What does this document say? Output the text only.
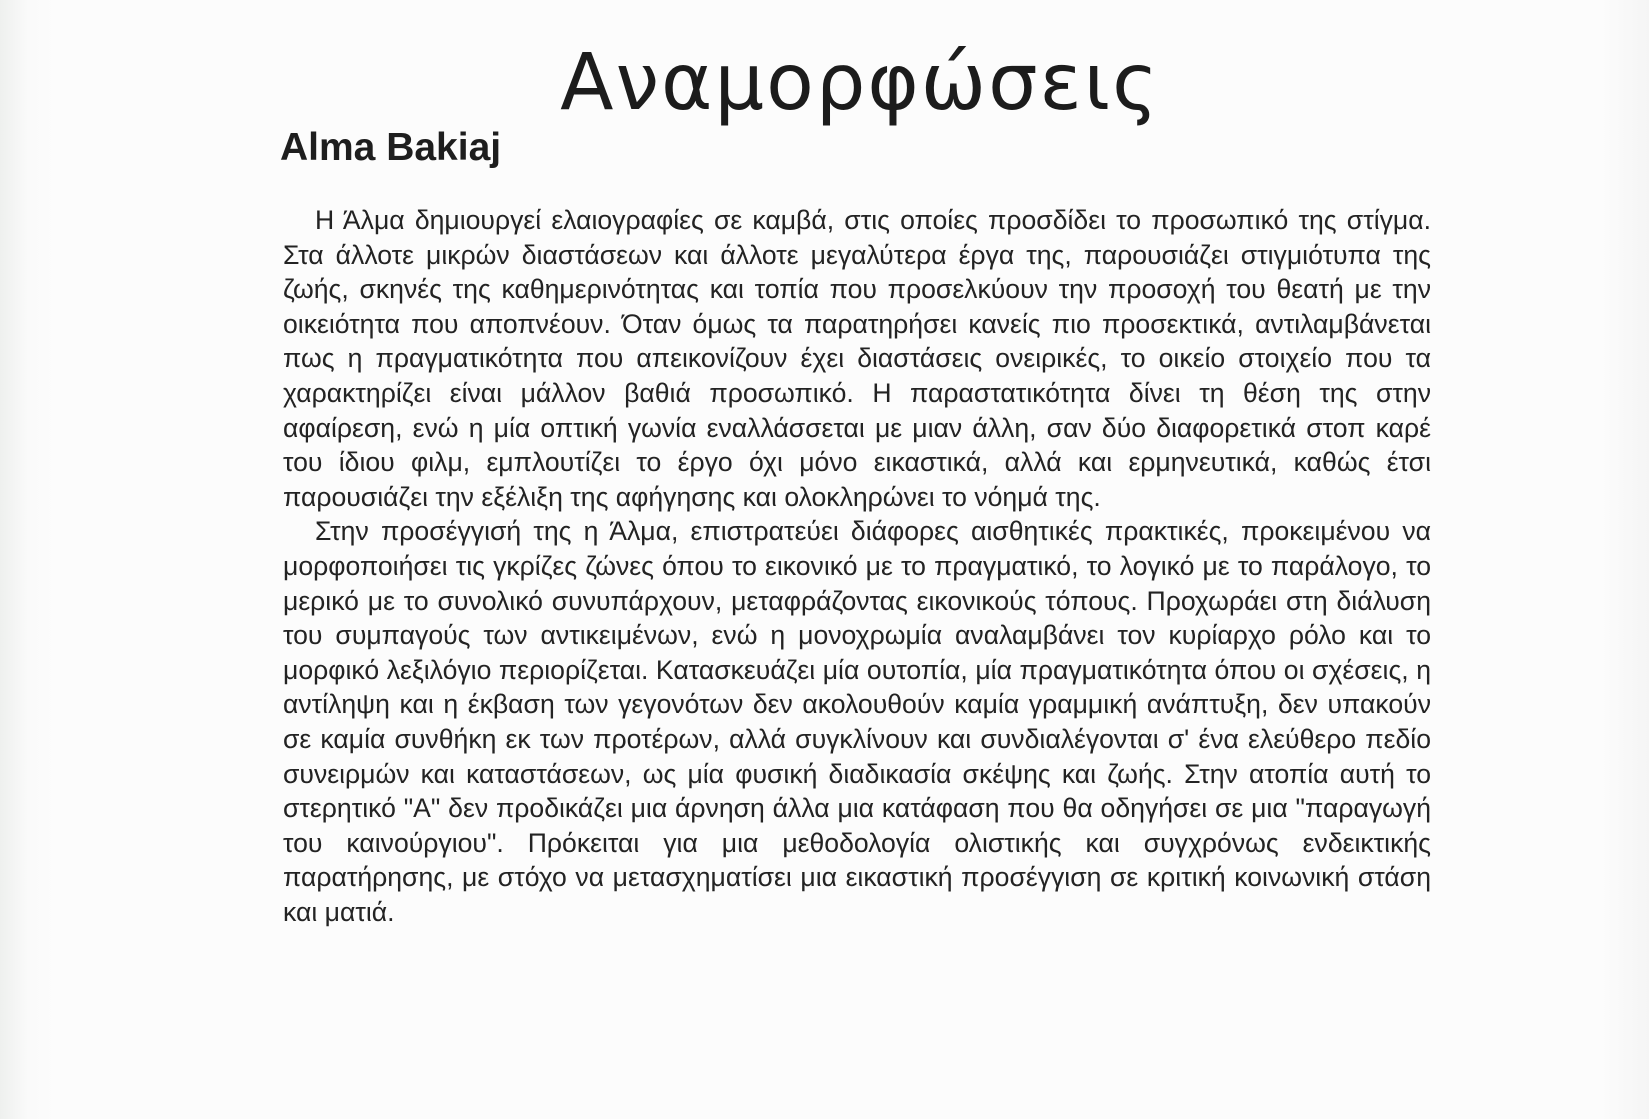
Αναμορφώσεις
Alma Bakiaj

Η Άλμα δημιουργεί ελαιογραφίες σε καμβά, στις οποίες προσδίδει το προσωπικό της στίγμα. Στα άλλοτε μικρών διαστάσεων και άλλοτε μεγαλύτερα έργα της, παρουσιάζει στιγμιότυπα της ζωής, σκηνές της καθημερινότητας και τοπία που προσελκύουν την προσοχή του θεατή με την οικειότητα που αποπνέουν. Όταν όμως τα παρατηρήσει κανείς πιο προσεκτικά, αντιλαμβάνεται πως η πραγματικότητα που απεικονίζουν έχει διαστάσεις ονειρικές, το οικείο στοιχείο που τα χαρακτηρίζει είναι μάλλον βαθιά προσωπικό. Η παραστατικότητα δίνει τη θέση της στην αφαίρεση, ενώ η μία οπτική γωνία εναλλάσσεται με μιαν άλλη, σαν δύο διαφορετικά στοπ καρέ του ίδιου φιλμ, εμπλουτίζει το έργο όχι μόνο εικαστικά, αλλά και ερμηνευτικά, καθώς έτσι παρουσιάζει την εξέλιξη της αφήγησης και ολοκληρώνει το νόημά της.

Στην προσέγγισή της η Άλμα, επιστρατεύει διάφορες αισθητικές πρακτικές, προκειμένου να μορφοποιήσει τις γκρίζες ζώνες όπου το εικονικό με το πραγματικό, το λογικό με το παράλογο, το μερικό με το συνολικό συνυπάρχουν, μεταφράζοντας εικονικούς τόπους. Προχωράει στη διάλυση του συμπαγούς των αντικειμένων, ενώ η μονοχρωμία αναλαμβάνει τον κυρίαρχο ρόλο και το μορφικό λεξιλόγιο περιορίζεται. Κατασκευάζει μία ουτοπία, μία πραγματικότητα όπου οι σχέσεις, η αντίληψη και η έκβαση των γεγονότων δεν ακολουθούν καμία γραμμική ανάπτυξη, δεν υπακούν σε καμία συνθήκη εκ των προτέρων, αλλά συγκλίνουν και συνδιαλέγονται σ' ένα ελεύθερο πεδίο συνειρμών και καταστάσεων, ως μία φυσική διαδικασία σκέψης και ζωής. Στην ατοπία αυτή το στερητικό "Α" δεν προδικάζει μια άρνηση άλλα μια κατάφαση που θα οδηγήσει σε μια "παραγωγή του καινούργιου". Πρόκειται για μια μεθοδολογία ολιστικής και συγχρόνως ενδεικτικής παρατήρησης, με στόχο να μετασχηματίσει μια εικαστική προσέγγιση σε κριτική κοινωνική στάση και ματιά.
